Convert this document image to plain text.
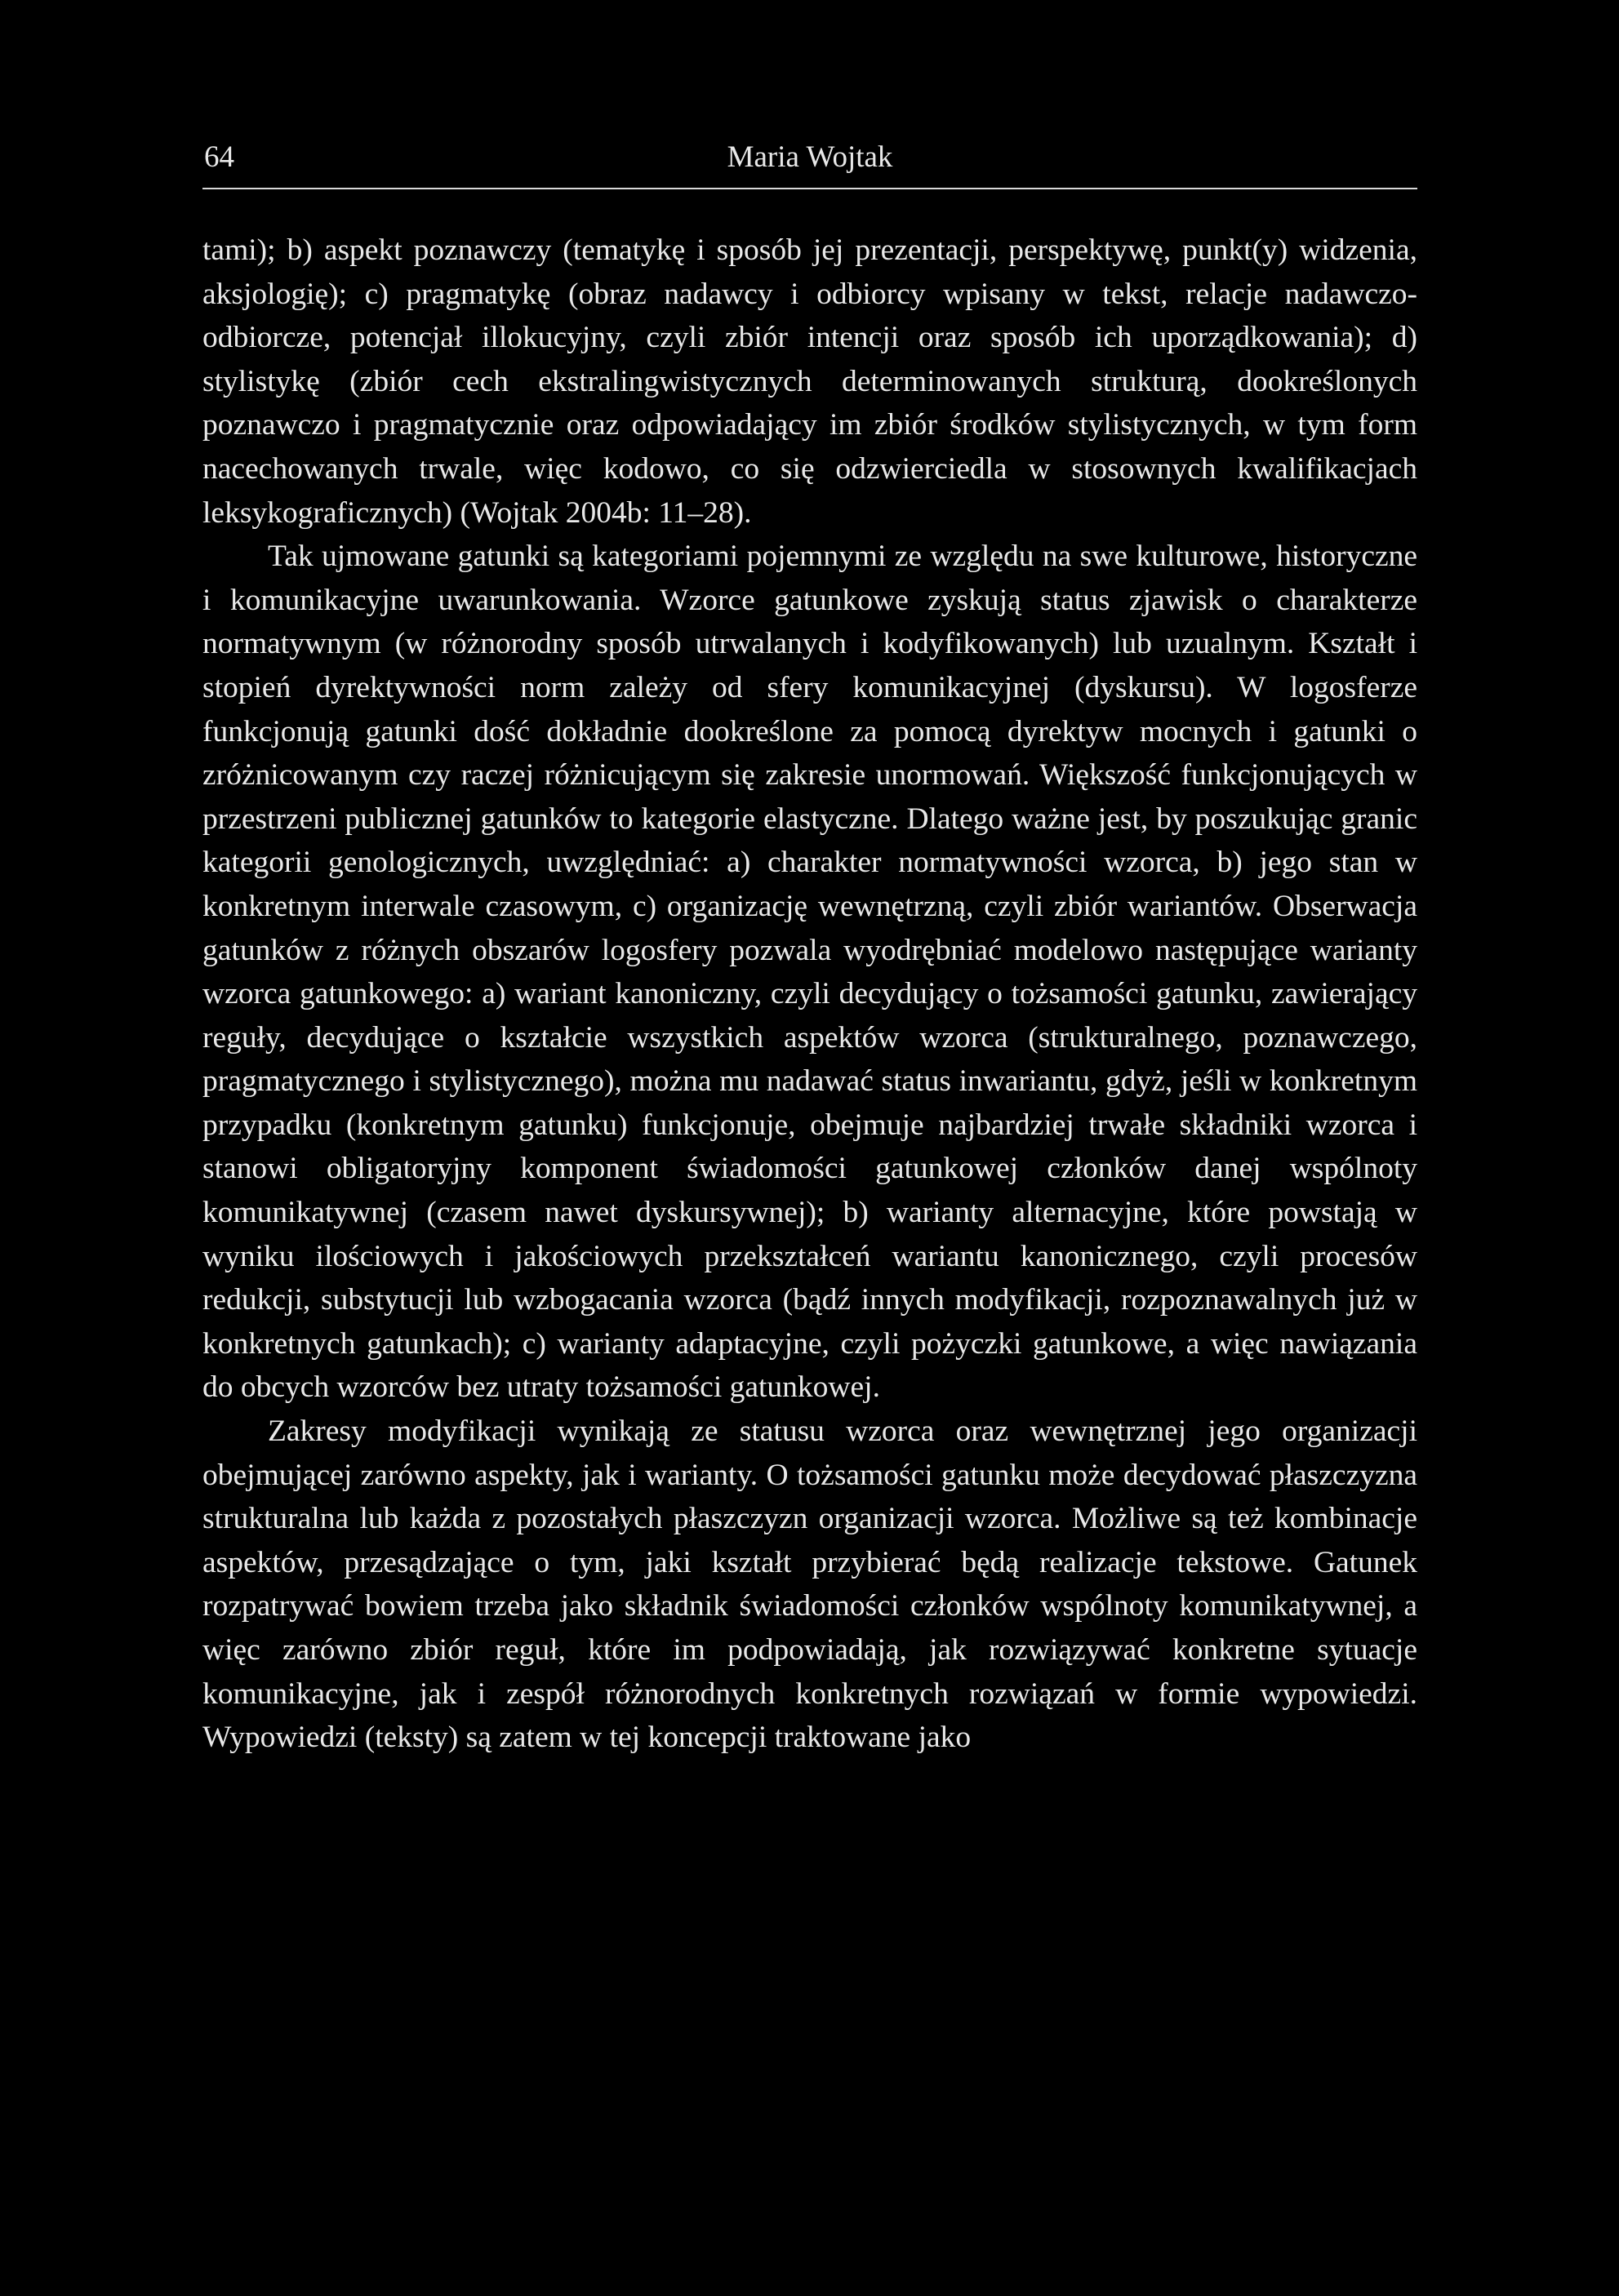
64	Maria Wojtak

tami); b) aspekt poznawczy (tematykę i sposób jej prezentacji, perspektywę, punkt(y) widzenia, aksjologię); c) pragmatykę (obraz nadawcy i odbiorcy wpisany w tekst, relacje nadawczo-odbiorcze, potencjał illokucyjny, czyli zbiór intencji oraz sposób ich uporządkowania); d) stylistykę (zbiór cech ekstralingwistycznych determinowanych strukturą, dookreślonych poznawczo i pragmatycznie oraz odpowiadający im zbiór środków stylistycznych, w tym form nacechowanych trwale, więc kodowo, co się odzwierciedla w stosownych kwalifikacjach leksykograficznych) (Wojtak 2004b: 11–28).

Tak ujmowane gatunki są kategoriami pojemnymi ze względu na swe kulturowe, historyczne i komunikacyjne uwarunkowania. Wzorce gatunkowe zyskują status zjawisk o charakterze normatywnym (w różnorodny sposób utrwalanych i kodyfikowanych) lub uzualnym. Kształt i stopień dyrektywności norm zależy od sfery komunikacyjnej (dyskursu). W logosferze funkcjonują gatunki dość dokładnie dookreślone za pomocą dyrektyw mocnych i gatunki o zróżnicowanym czy raczej różnicującym się zakresie unormowań. Większość funkcjonujących w przestrzeni publicznej gatunków to kategorie elastyczne. Dlatego ważne jest, by poszukując granic kategorii genologicznych, uwzględniać: a) charakter normatywności wzorca, b) jego stan w konkretnym interwale czasowym, c) organizację wewnętrzną, czyli zbiór wariantów. Obserwacja gatunków z różnych obszarów logosfery pozwala wyodrębniać modelowo następujące warianty wzorca gatunkowego: a) wariant kanoniczny, czyli decydujący o tożsamości gatunku, zawierający reguły, decydujące o kształcie wszystkich aspektów wzorca (strukturalnego, poznawczego, pragmatycznego i stylistycznego), można mu nadawać status inwariantu, gdyż, jeśli w konkretnym przypadku (konkretnym gatunku) funkcjonuje, obejmuje najbardziej trwałe składniki wzorca i stanowi obligatoryjny komponent świadomości gatunkowej członków danej wspólnoty komunikatywnej (czasem nawet dyskursywnej); b) warianty alternacyjne, które powstają w wyniku ilościowych i jakościowych przekształceń wariantu kanonicznego, czyli procesów redukcji, substytucji lub wzbogacania wzorca (bądź innych modyfikacji, rozpoznawalnych już w konkretnych gatunkach); c) warianty adaptacyjne, czyli pożyczki gatunkowe, a więc nawiązania do obcych wzorców bez utraty tożsamości gatunkowej.

Zakresy modyfikacji wynikają ze statusu wzorca oraz wewnętrznej jego organizacji obejmującej zarówno aspekty, jak i warianty. O tożsamości gatunku może decydować płaszczyzna strukturalna lub każda z pozostałych płaszczyzn organizacji wzorca. Możliwe są też kombinacje aspektów, przesądzające o tym, jaki kształt przybierać będą realizacje tekstowe. Gatunek rozpatrywać bowiem trzeba jako składnik świadomości członków wspólnoty komunikatywnej, a więc zarówno zbiór reguł, które im podpowiadają, jak rozwiązywać konkretne sytuacje komunikacyjne, jak i zespół różnorodnych konkretnych rozwiązań w formie wypowiedzi. Wypowiedzi (teksty) są zatem w tej koncepcji traktowane jako
